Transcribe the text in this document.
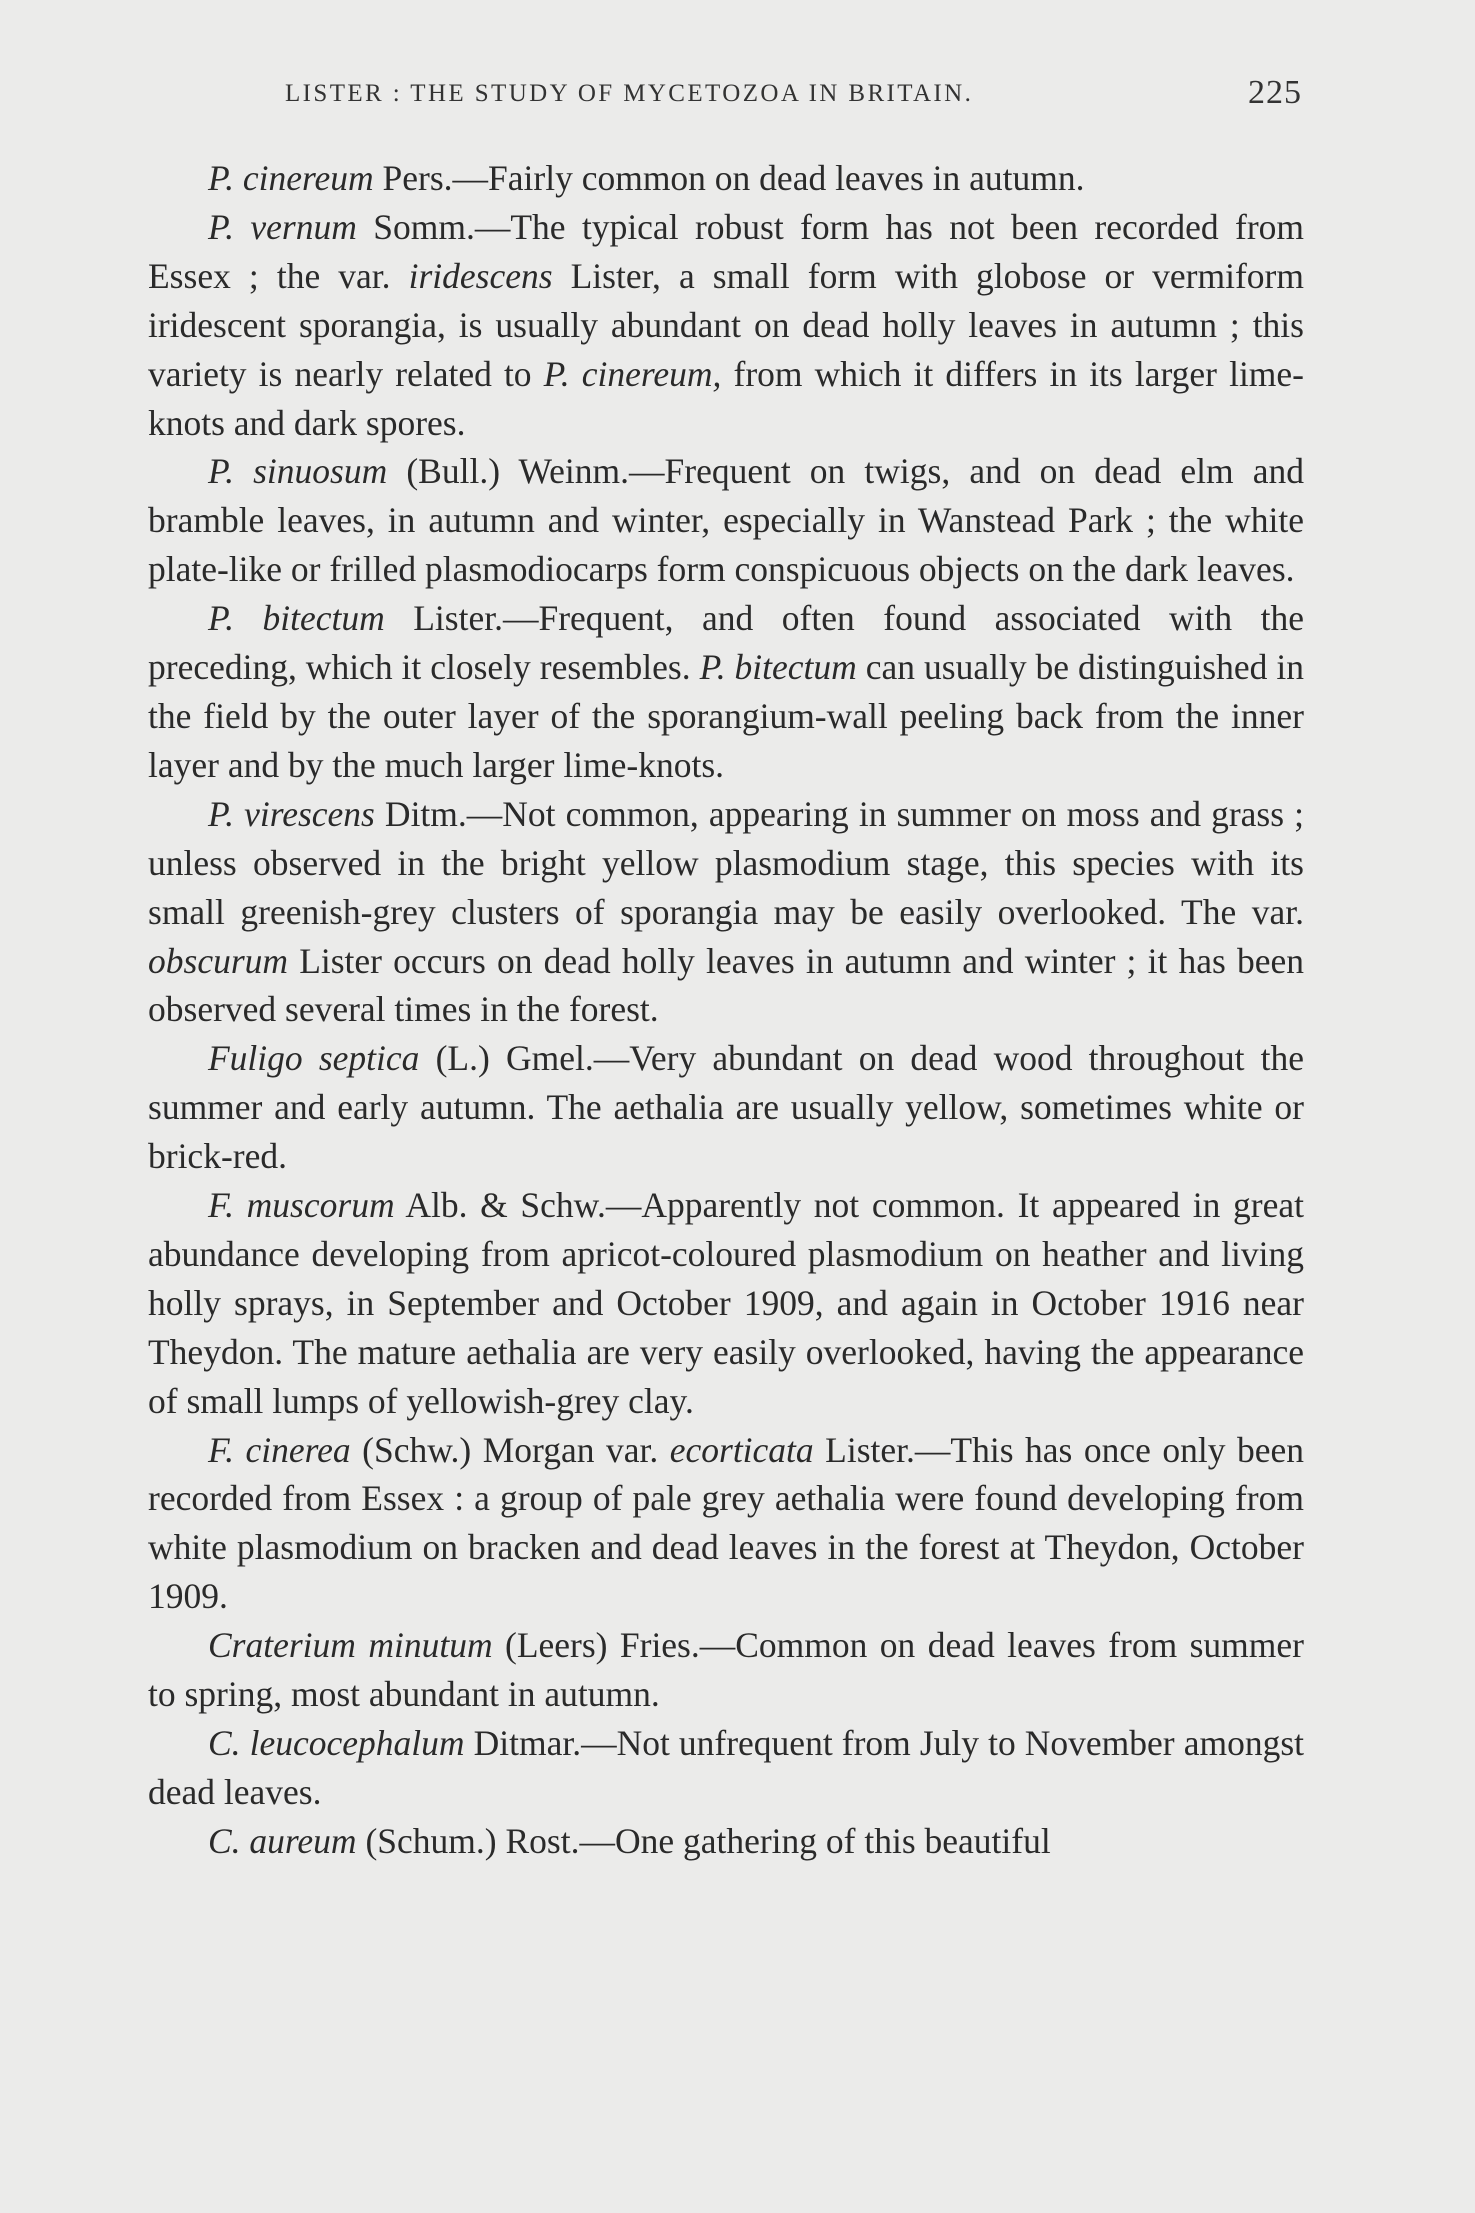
LISTER : THE STUDY OF MYCETOZOA IN BRITAIN.	225

P. cinereum Pers.—Fairly common on dead leaves in autumn.

P. vernum Somm.—The typical robust form has not been recorded from Essex ; the var. iridescens Lister, a small form with globose or vermiform iridescent sporangia, is usually abundant on dead holly leaves in autumn ; this variety is nearly related to P. cinereum, from which it differs in its larger lime-knots and dark spores.

P. sinuosum (Bull.) Weinm.—Frequent on twigs, and on dead elm and bramble leaves, in autumn and winter, especially in Wanstead Park ; the white plate-like or frilled plasmodiocarps form conspicuous objects on the dark leaves.

P. bitectum Lister.—Frequent, and often found associated with the preceding, which it closely resembles. P. bitectum can usually be distinguished in the field by the outer layer of the sporangium-wall peeling back from the inner layer and by the much larger lime-knots.

P. virescens Ditm.—Not common, appearing in summer on moss and grass ; unless observed in the bright yellow plasmodium stage, this species with its small greenish-grey clusters of sporangia may be easily overlooked. The var. obscurum Lister occurs on dead holly leaves in autumn and winter ; it has been observed several times in the forest.

Fuligo septica (L.) Gmel.—Very abundant on dead wood throughout the summer and early autumn. The aethalia are usually yellow, sometimes white or brick-red.

F. muscorum Alb. & Schw.—Apparently not common. It appeared in great abundance developing from apricot-coloured plasmodium on heather and living holly sprays, in September and October 1909, and again in October 1916 near Theydon. The mature aethalia are very easily overlooked, having the appearance of small lumps of yellowish-grey clay.

F. cinerea (Schw.) Morgan var. ecorticata Lister.—This has once only been recorded from Essex : a group of pale grey aethalia were found developing from white plasmodium on bracken and dead leaves in the forest at Theydon, October 1909.

Craterium minutum (Leers) Fries.—Common on dead leaves from summer to spring, most abundant in autumn.

C. leucocephalum Ditmar.—Not unfrequent from July to November amongst dead leaves.

C. aureum (Schum.) Rost.—One gathering of this beautiful
